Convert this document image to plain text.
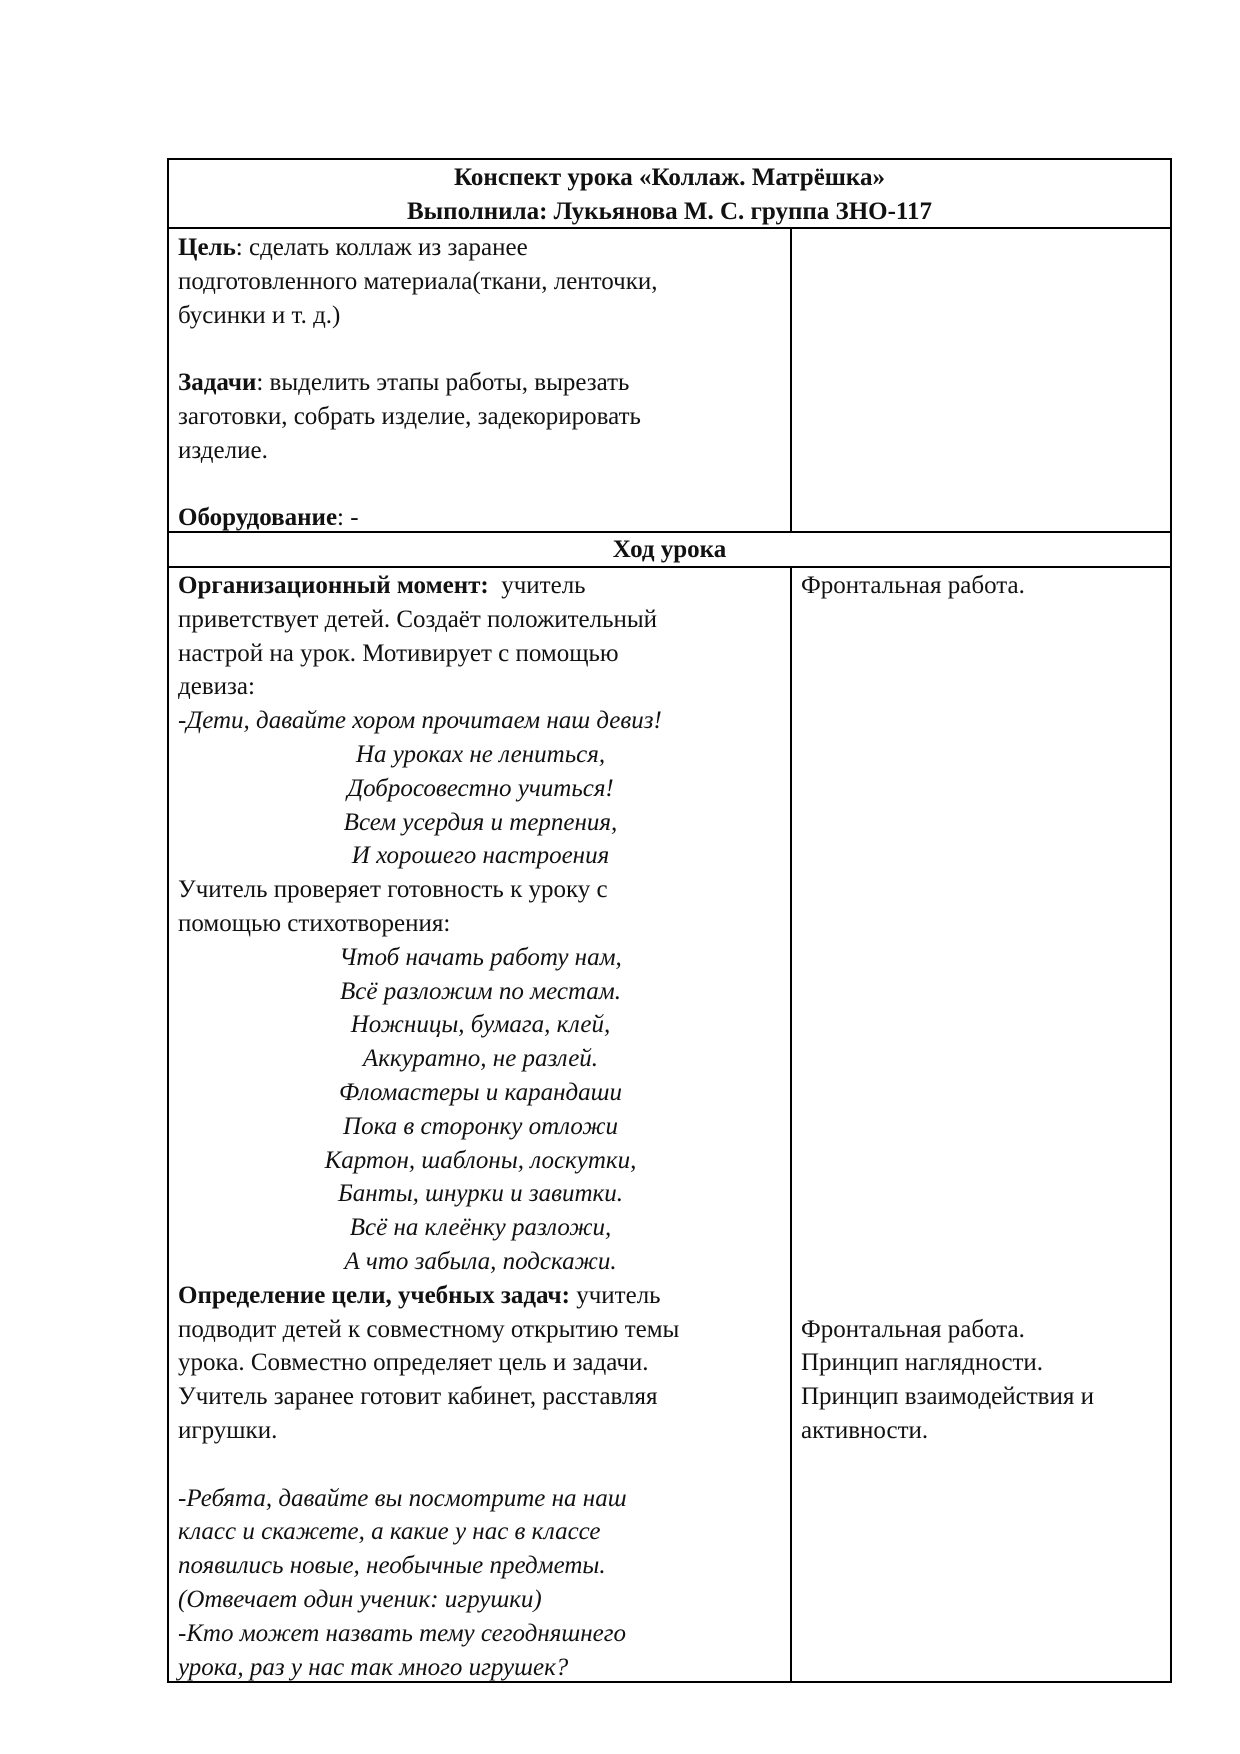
Конспект урока «Коллаж. Матрёшка»
Выполнила: Лукьянова М. С. группа ЗНО-117
Цель: сделать коллаж из заранее
подготовленного материала(ткани, ленточки,
бусинки и т. д.)
Задачи: выделить этапы работы, вырезать
заготовки, собрать изделие, задекорировать
изделие.
Оборудование: -
Ход урока
Организационный момент:  учитель
приветствует детей. Создаёт положительный
настрой на урок. Мотивирует с помощью
девиза:
-Дети, давайте хором прочитаем наш девиз!
На уроках не лениться,
Добросовестно учиться!
Всем усердия и терпения,
И хорошего настроения
Учитель проверяет готовность к уроку с
помощью стихотворения:
Чтоб начать работу нам,
Всё разложим по местам.
Ножницы, бумага, клей,
Аккуратно, не разлей.
Фломастеры и карандаши
Пока в сторонку отложи
Картон, шаблоны, лоскутки,
Банты, шнурки и завитки.
Всё на клеёнку разложи,
А что забыла, подскажи.
Определение цели, учебных задач: учитель
подводит детей к совместному открытию темы
урока. Совместно определяет цель и задачи.
Учитель заранее готовит кабинет, расставляя
игрушки.
-Ребята, давайте вы посмотрите на наш
класс и скажете, а какие у нас в классе
появились новые, необычные предметы.
(Отвечает один ученик: игрушки)
-Кто может назвать тему сегодняшнего
урока, раз у нас так много игрушек?
Фронтальная работа.
Фронтальная работа.
Принцип наглядности.
Принцип взаимодействия и
активности.
